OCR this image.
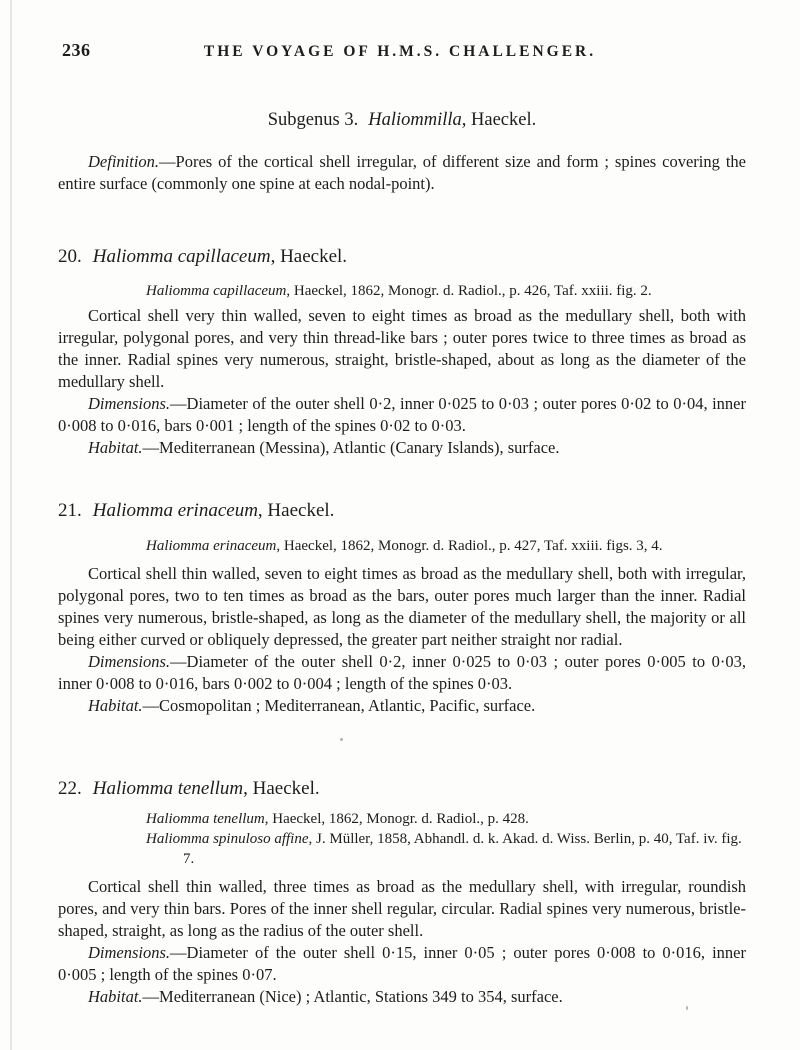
236	THE VOYAGE OF H.M.S. CHALLENGER.
Subgenus 3. Haliommilla, Haeckel.

Definition.—Pores of the cortical shell irregular, of different size and form ; spines covering the entire surface (commonly one spine at each nodal-point).

20. Haliomma capillaceum, Haeckel.
Haliomma capillaceum, Haeckel, 1862, Monogr. d. Radiol., p. 426, Taf. xxiii. fig. 2.

Cortical shell very thin walled, seven to eight times as broad as the medullary shell, both with irregular, polygonal pores, and very thin thread-like bars ; outer pores twice to three times as broad as the inner. Radial spines very numerous, straight, bristle-shaped, about as long as the diameter of the medullary shell.

Dimensions.—Diameter of the outer shell 0·2, inner 0·025 to 0·03 ; outer pores 0·02 to 0·04, inner 0·008 to 0·016, bars 0·001 ; length of the spines 0·02 to 0·03.

Habitat.—Mediterranean (Messina), Atlantic (Canary Islands), surface.

21. Haliomma erinaceum, Haeckel.
Haliomma erinaceum, Haeckel, 1862, Monogr. d. Radiol., p. 427, Taf. xxiii. figs. 3, 4.

Cortical shell thin walled, seven to eight times as broad as the medullary shell, both with irregular, polygonal pores, two to ten times as broad as the bars, outer pores much larger than the inner. Radial spines very numerous, bristle-shaped, as long as the diameter of the medullary shell, the majority or all being either curved or obliquely depressed, the greater part neither straight nor radial.

Dimensions.—Diameter of the outer shell 0·2, inner 0·025 to 0·03 ; outer pores 0·005 to 0·03, inner 0·008 to 0·016, bars 0·002 to 0·004 ; length of the spines 0·03.

Habitat.—Cosmopolitan ; Mediterranean, Atlantic, Pacific, surface.

22. Haliomma tenellum, Haeckel.
Haliomma tenellum, Haeckel, 1862, Monogr. d. Radiol., p. 428.
Haliomma spinuloso affine, J. Müller, 1858, Abhandl. d. k. Akad. d. Wiss. Berlin, p. 40, Taf. iv. fig. 7.

Cortical shell thin walled, three times as broad as the medullary shell, with irregular, roundish pores, and very thin bars. Pores of the inner shell regular, circular. Radial spines very numerous, bristle-shaped, straight, as long as the radius of the outer shell.

Dimensions.—Diameter of the outer shell 0·15, inner 0·05 ; outer pores 0·008 to 0·016, inner 0·005 ; length of the spines 0·07.

Habitat.—Mediterranean (Nice) ; Atlantic, Stations 349 to 354, surface.
